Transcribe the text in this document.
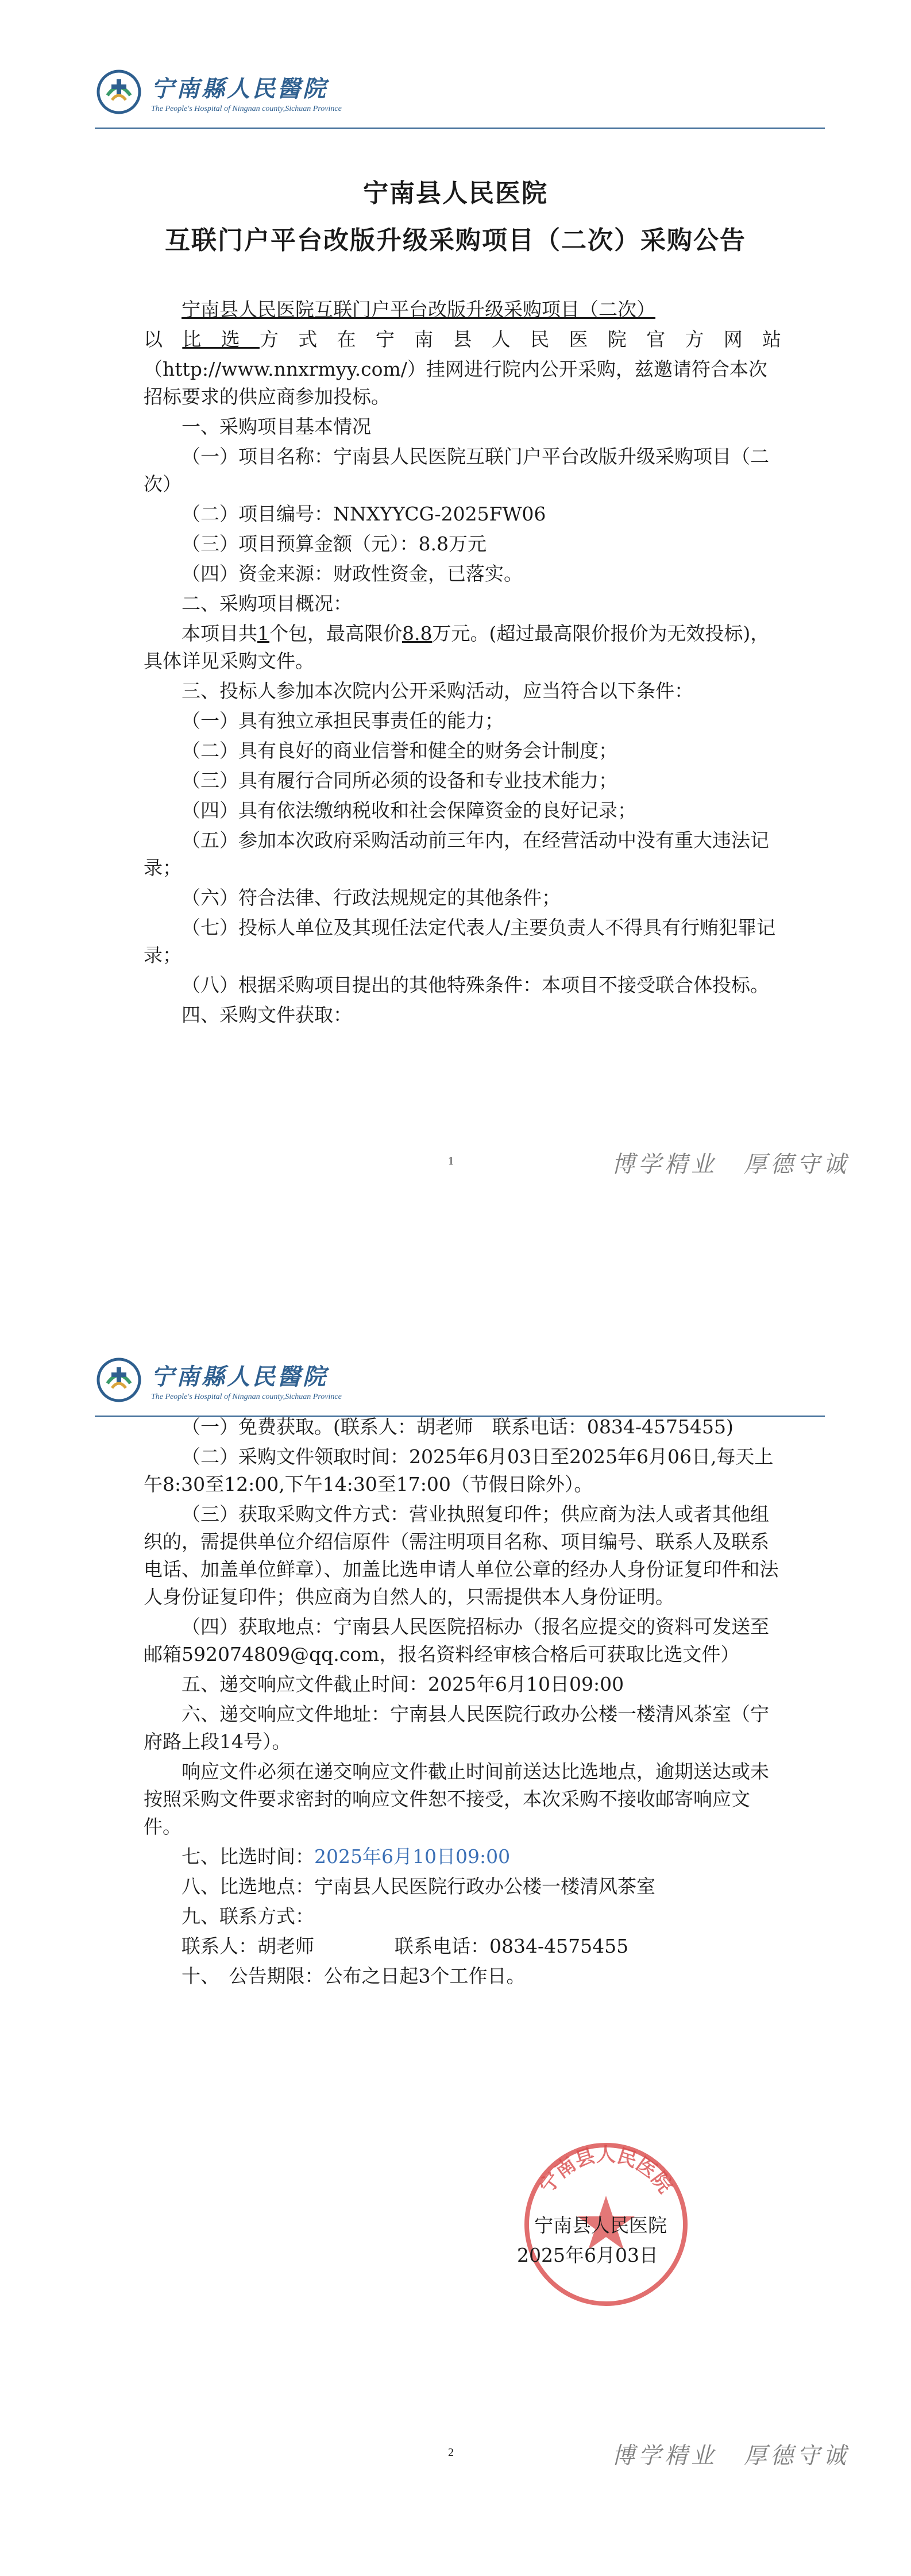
宁南縣人民醫院
The People's Hospital of Ningnan county,Sichuan Province
宁南县人民医院
互联门户平台改版升级采购项目（二次）采购公告

宁南县人民医院互联门户平台改版升级采购项目（二次）

以比选方式在宁南县人民医院官方网站

（http://www.nnxrmyy.com/）挂网进行院内公开采购，兹邀请符合本次招标要求的供应商参加投标。

一、采购项目基本情况

（一）项目名称：宁南县人民医院互联门户平台改版升级采购项目（二次）

（二）项目编号：NNXYYCG-2025FW06

（三）项目预算金额（元）：8.8万元

（四）资金来源：财政性资金，已落实。

二、采购项目概况：

本项目共1个包，最高限价8.8万元。(超过最高限价报价为无效投标)，具体详见采购文件。

三、投标人参加本次院内公开采购活动，应当符合以下条件：

（一）具有独立承担民事责任的能力；

（二）具有良好的商业信誉和健全的财务会计制度；

（三）具有履行合同所必须的设备和专业技术能力；

（四）具有依法缴纳税收和社会保障资金的良好记录；

（五）参加本次政府采购活动前三年内，在经营活动中没有重大违法记录；

（六）符合法律、行政法规规定的其他条件；

（七）投标人单位及其现任法定代表人/主要负责人不得具有行贿犯罪记录；

（八）根据采购项目提出的其他特殊条件：本项目不接受联合体投标。

四、采购文件获取：

1	博学精业　厚德守诚
宁南縣人民醫院
The People's Hospital of Ningnan county,Sichuan Province

（一）免费获取。(联系人：胡老师　联系电话：0834-4575455)

（二）采购文件领取时间：2025年6月03日至2025年6月06日,每天上午8:30至12:00,下午14:30至17:00（节假日除外）。

（三）获取采购文件方式：营业执照复印件；供应商为法人或者其他组织的，需提供单位介绍信原件（需注明项目名称、项目编号、联系人及联系电话、加盖单位鲜章）、加盖比选申请人单位公章的经办人身份证复印件和法人身份证复印件；供应商为自然人的，只需提供本人身份证明。

（四）获取地点：宁南县人民医院招标办（报名应提交的资料可发送至邮箱592074809@qq.com，报名资料经审核合格后可获取比选文件）

五、递交响应文件截止时间：2025年6月10日09:00

六、递交响应文件地址：宁南县人民医院行政办公楼一楼清风茶室（宁府路上段14号）。

响应文件必须在递交响应文件截止时间前送达比选地点，逾期送达或未按照采购文件要求密封的响应文件恕不接受，本次采购不接收邮寄响应文件。

七、比选时间：2025年6月10日09:00

八、比选地点：宁南县人民医院行政办公楼一楼清风茶室

九、联系方式：

联系人：胡老师	联系电话：0834-4575455

十、　公告期限：公布之日起3个工作日。

宁南县人民医院
宁南县人民医院
2025年6月03日
2	博学精业　厚德守诚
